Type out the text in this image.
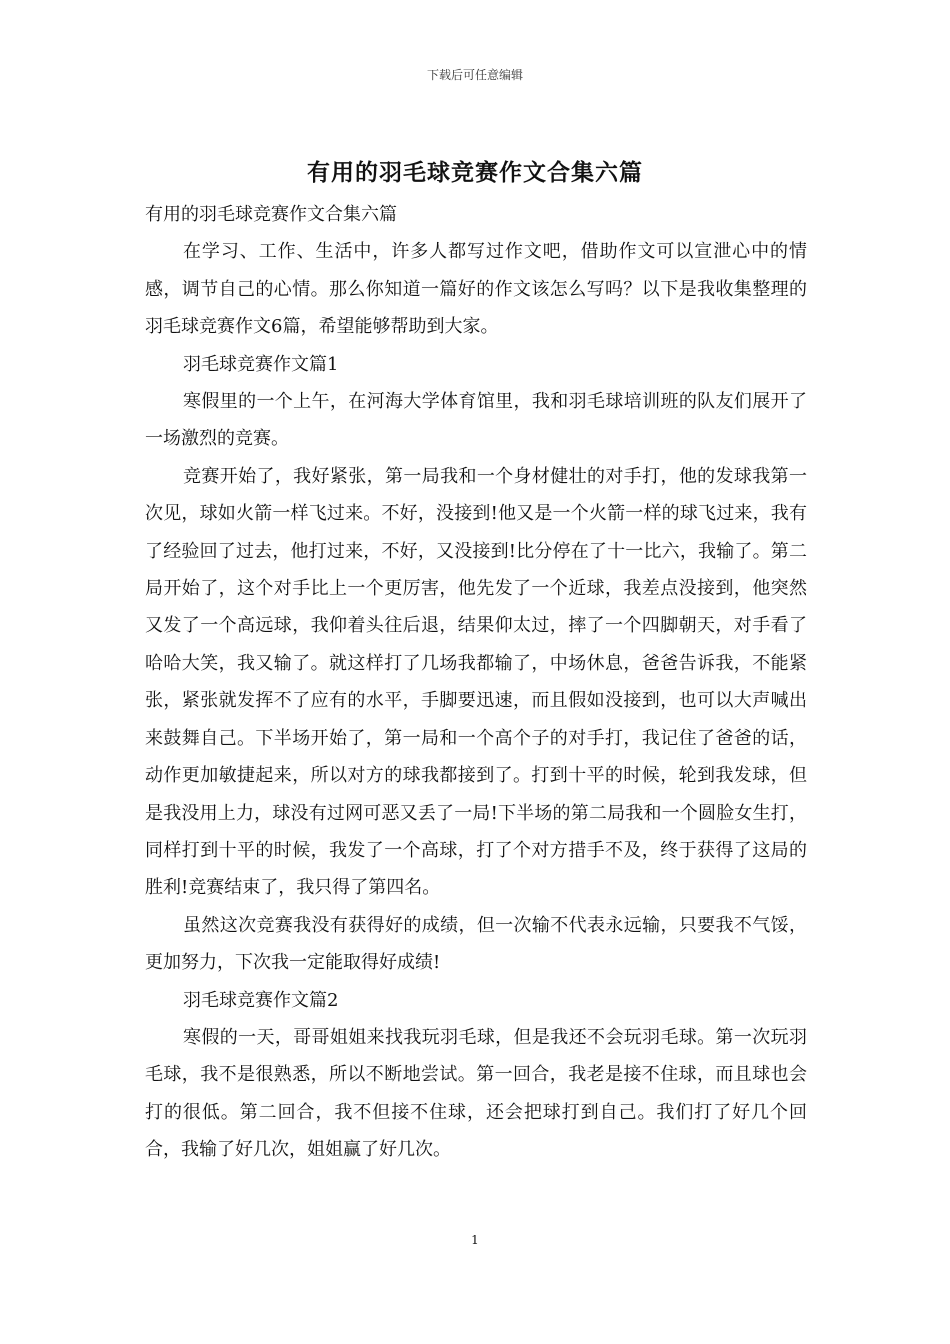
下载后可任意编辑
有用的羽毛球竞赛作文合集六篇

有用的羽毛球竞赛作文合集六篇

在学习、工作、生活中，许多人都写过作文吧，借助作文可以宣泄心中的情感，调节自己的心情。那么你知道一篇好的作文该怎么写吗？以下是我收集整理的羽毛球竞赛作文6篇，希望能够帮助到大家。

羽毛球竞赛作文篇1

寒假里的一个上午，在河海大学体育馆里，我和羽毛球培训班的队友们展开了一场激烈的竞赛。

竞赛开始了，我好紧张，第一局我和一个身材健壮的对手打，他的发球我第一次见，球如火箭一样飞过来。不好，没接到!他又是一个火箭一样的球飞过来，我有了经验回了过去，他打过来，不好，又没接到!比分停在了十一比六，我输了。第二局开始了，这个对手比上一个更厉害，他先发了一个近球，我差点没接到，他突然又发了一个高远球，我仰着头往后退，结果仰太过，摔了一个四脚朝天，对手看了哈哈大笑，我又输了。就这样打了几场我都输了，中场休息，爸爸告诉我，不能紧张，紧张就发挥不了应有的水平，手脚要迅速，而且假如没接到，也可以大声喊出来鼓舞自己。下半场开始了，第一局和一个高个子的对手打，我记住了爸爸的话，动作更加敏捷起来，所以对方的球我都接到了。打到十平的时候，轮到我发球，但是我没用上力，球没有过网可恶又丢了一局!下半场的第二局我和一个圆脸女生打，同样打到十平的时候，我发了一个高球，打了个对方措手不及，终于获得了这局的胜利!竞赛结束了，我只得了第四名。

虽然这次竞赛我没有获得好的成绩，但一次输不代表永远输，只要我不气馁，更加努力，下次我一定能取得好成绩!

羽毛球竞赛作文篇2

寒假的一天，哥哥姐姐来找我玩羽毛球，但是我还不会玩羽毛球。第一次玩羽毛球，我不是很熟悉，所以不断地尝试。第一回合，我老是接不住球，而且球也会打的很低。第二回合，我不但接不住球，还会把球打到自己。我们打了好几个回合，我输了好几次，姐姐赢了好几次。

1
